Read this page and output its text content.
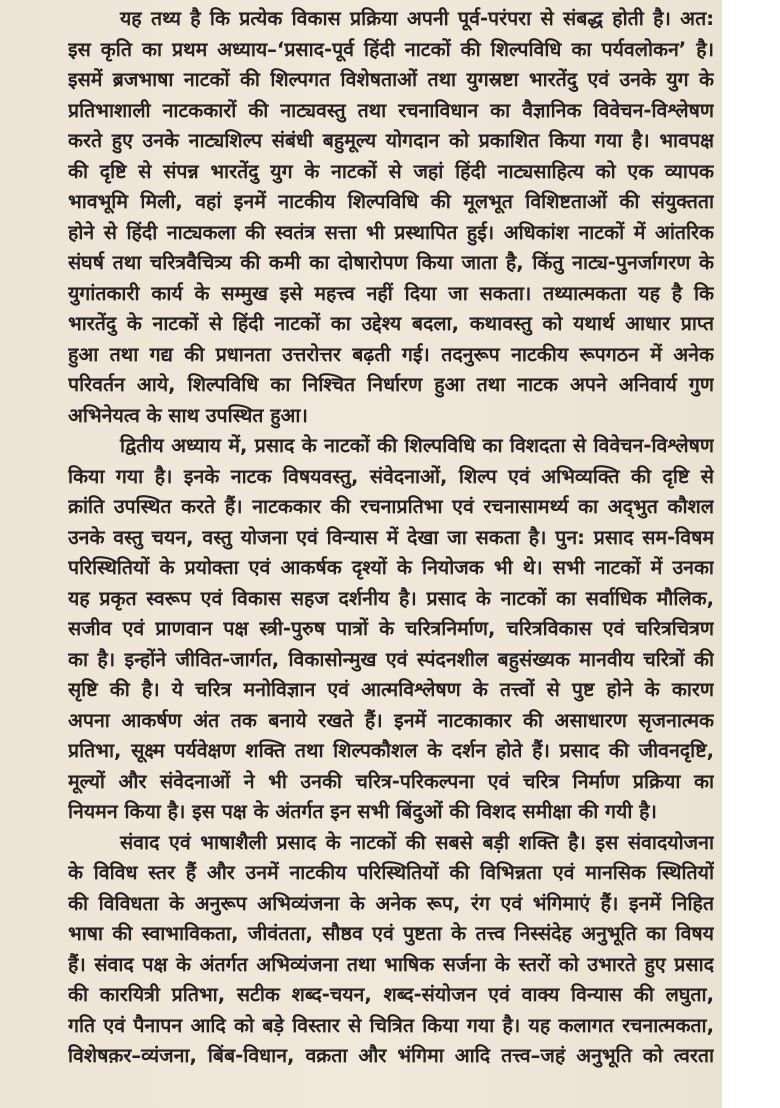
यह तथ्य है कि प्रत्येक विकास प्रक्रिया अपनी पूर्व-परंपरा से संबद्ध होती है। अत:
इस कृति का प्रथम अध्याय–‘प्रसाद-पूर्व हिंदी नाटकों की शिल्पविधि का पर्यवलोकन’ है।
इसमें ब्रजभाषा नाटकों की शिल्पगत विशेषताओं तथा युगस्रष्टा भारतेंदु एवं उनके युग के
प्रतिभाशाली नाटककारों की नाट्यवस्तु तथा रचनाविधान का वैज्ञानिक विवेचन-विश्लेषण
करते हुए उनके नाट्यशिल्प संबंधी बहुमूल्य योगदान को प्रकाशित किया गया है। भावपक्ष
की दृष्टि से संपन्न भारतेंदु युग के नाटकों से जहां हिंदी नाट्यसाहित्य को एक व्यापक
भावभूमि मिली, वहां इनमें नाटकीय शिल्पविधि की मूलभूत विशिष्टताओं की संयुक्तता
होने से हिंदी नाट्यकला की स्वतंत्र सत्ता भी प्रस्थापित हुई। अधिकांश नाटकों में आंतरिक
संघर्ष तथा चरित्रवैचित्र्य की कमी का दोषारोपण किया जाता है, किंतु नाट्य-पुनर्जागरण के
युगांतकारी कार्य के सम्मुख इसे महत्त्व नहीं दिया जा सकता। तथ्यात्मकता यह है कि
भारतेंदु के नाटकों से हिंदी नाटकों का उद्देश्य बदला, कथावस्तु को यथार्थ आधार प्राप्त
हुआ तथा गद्य की प्रधानता उत्तरोत्तर बढ़ती गई। तदनुरूप नाटकीय रूपगठन में अनेक
परिवर्तन आये, शिल्पविधि का निश्चित निर्धारण हुआ तथा नाटक अपने अनिवार्य गुण
अभिनेयत्व के साथ उपस्थित हुआ।
द्वितीय अध्याय में, प्रसाद के नाटकों की शिल्पविधि का विशदता से विवेचन-विश्लेषण
किया गया है। इनके नाटक विषयवस्तु, संवेदनाओं, शिल्प एवं अभिव्यक्ति की दृष्टि से
क्रांति उपस्थित करते हैं। नाटककार की रचनाप्रतिभा एवं रचनासामर्थ्य का अद्‌भुत कौशल
उनके वस्तु चयन, वस्तु योजना एवं विन्यास में देखा जा सकता है। पुन: प्रसाद सम-विषम
परिस्थितियों के प्रयोक्ता एवं आकर्षक दृश्यों के नियोजक भी थे। सभी नाटकों में उनका
यह प्रकृत स्वरूप एवं विकास सहज दर्शनीय है। प्रसाद के नाटकों का सर्वाधिक मौलिक,
सजीव एवं प्राणवान पक्ष स्त्री-पुरुष पात्रों के चरित्रनिर्माण, चरित्रविकास एवं चरित्रचित्रण
का है। इन्होंने जीवित-जार्गत, विकासोन्मुख एवं स्पंदनशील बहुसंख्यक मानवीय चरित्रों की
सृष्टि की है। ये चरित्र मनोविज्ञान एवं आत्मविश्लेषण के तत्त्वों से पुष्ट होने के कारण
अपना आकर्षण अंत तक बनाये रखते हैं। इनमें नाटकाकार की असाधारण सृजनात्मक
प्रतिभा, सूक्ष्म पर्यवेक्षण शक्ति तथा शिल्पकौशल के दर्शन होते हैं। प्रसाद की जीवनदृष्टि,
मूल्यों और संवेदनाओं ने भी उनकी चरित्र-परिकल्पना एवं चरित्र निर्माण प्रक्रिया का
नियमन किया है। इस पक्ष के अंतर्गत इन सभी बिंदुओं की विशद समीक्षा की गयी है।
संवाद एवं भाषाशैली प्रसाद के नाटकों की सबसे बड़ी शक्ति है। इस संवादयोजना
के विविध स्तर हैं और उनमें नाटकीय परिस्थितियों की विभिन्नता एवं मानसिक स्थितियों
की विविधता के अनुरूप अभिव्यंजना के अनेक रूप, रंग एवं भंगिमाएं हैं। इनमें निहित
भाषा की स्वाभाविकता, जीवंतता, सौष्ठव एवं पुष्टता के तत्त्व निस्संदेह अनुभूति का विषय
हैं। संवाद पक्ष के अंतर्गत अभिव्यंजना तथा भाषिक सर्जना के स्तरों को उभारते हुए प्रसाद
की कारयित्री प्रतिभा, सटीक शब्द-चयन, शब्द-संयोजन एवं वाक्य विन्यास की लघुता,
गति एवं पैनापन आदि को बड़े विस्तार से चित्रित किया गया है। यह कलागत रचनात्मकता,
विशेषक़र–व्यंजना, बिंब-विधान, वक्रता और भंगिमा आदि तत्त्व–जहं अनुभूति को त्वरता
